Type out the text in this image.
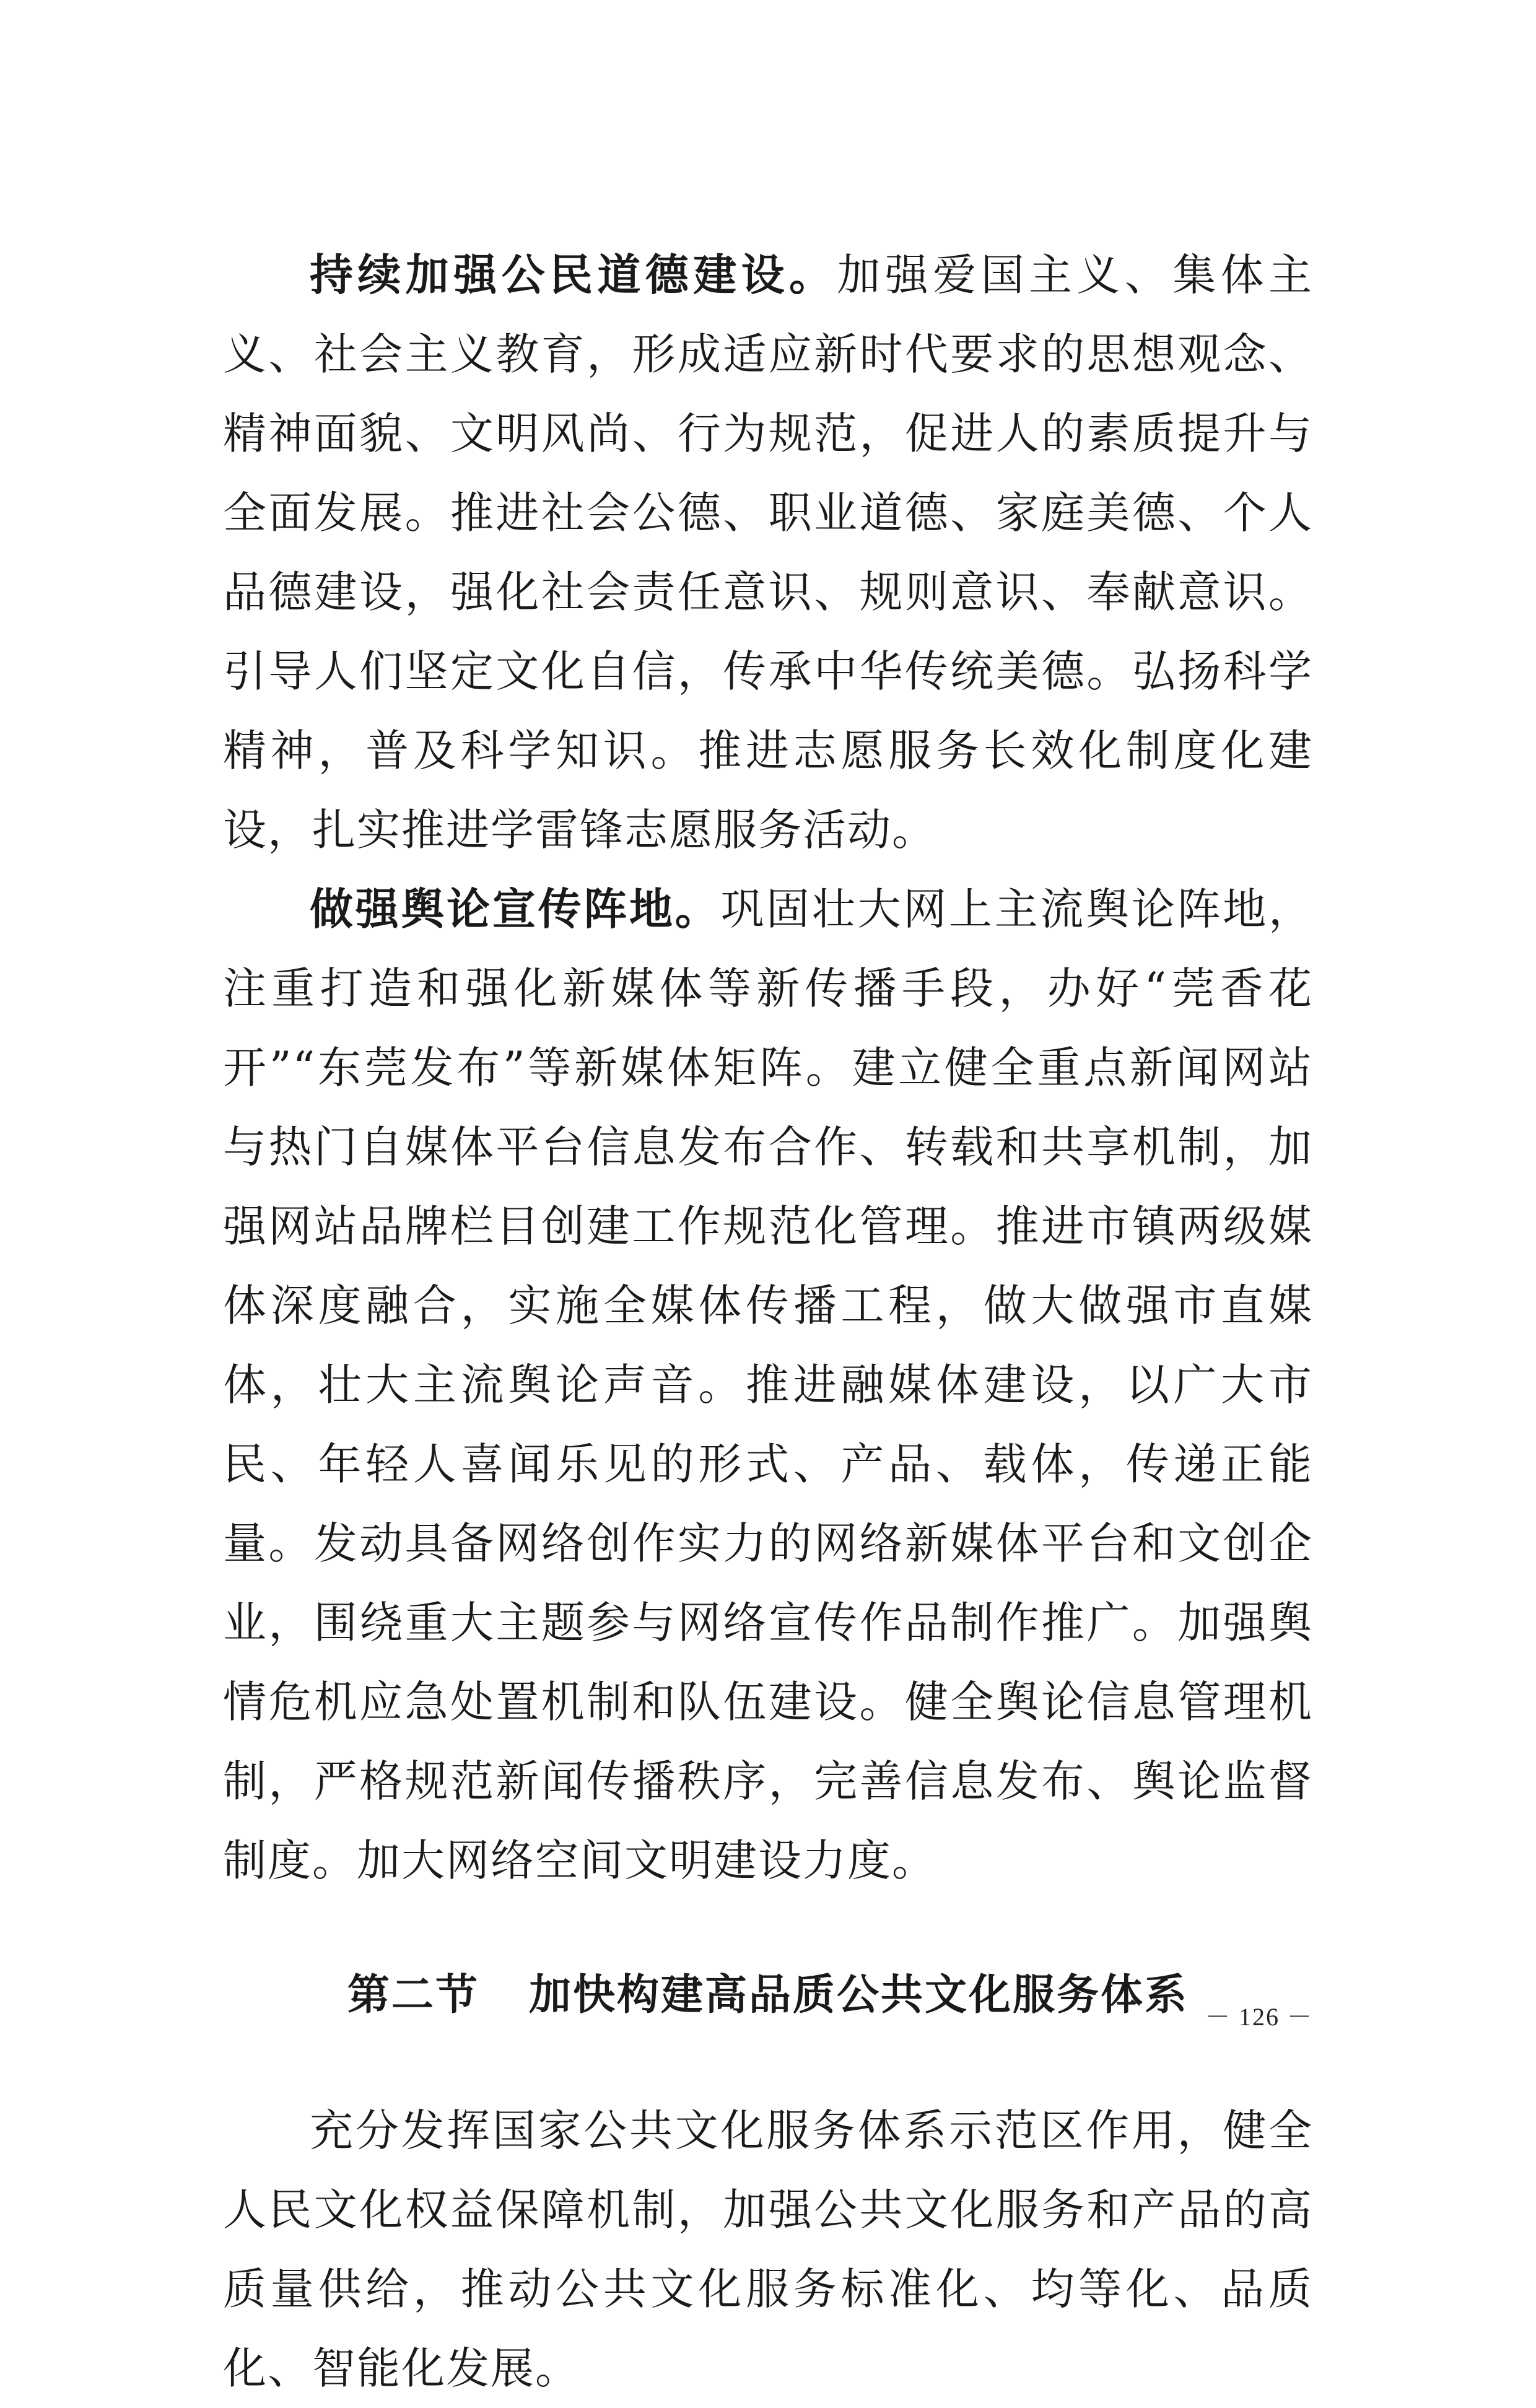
持续加强公民道德建设。加强爱国主义、集体主义、社会主义教育，形成适应新时代要求的思想观念、精神面貌、文明风尚、行为规范，促进人的素质提升与全面发展。推进社会公德、职业道德、家庭美德、个人品德建设，强化社会责任意识、规则意识、奉献意识。引导人们坚定文化自信，传承中华传统美德。弘扬科学精神，普及科学知识。推进志愿服务长效化制度化建设，扎实推进学雷锋志愿服务活动。

做强舆论宣传阵地。巩固壮大网上主流舆论阵地，注重打造和强化新媒体等新传播手段，办好“莞香花开”“东莞发布”等新媒体矩阵。建立健全重点新闻网站与热门自媒体平台信息发布合作、转载和共享机制，加强网站品牌栏目创建工作规范化管理。推进市镇两级媒体深度融合，实施全媒体传播工程，做大做强市直媒体，壮大主流舆论声音。推进融媒体建设，以广大市民、年轻人喜闻乐见的形式、产品、载体，传递正能量。发动具备网络创作实力的网络新媒体平台和文创企业，围绕重大主题参与网络宣传作品制作推广。加强舆情危机应急处置机制和队伍建设。健全舆论信息管理机制，严格规范新闻传播秩序，完善信息发布、舆论监督制度。加大网络空间文明建设力度。

第二节 加快构建高品质公共文化服务体系

充分发挥国家公共文化服务体系示范区作用，健全人民文化权益保障机制，加强公共文化服务和产品的高质量供给，推动公共文化服务标准化、均等化、品质化、智能化发展。

－ 126 －
